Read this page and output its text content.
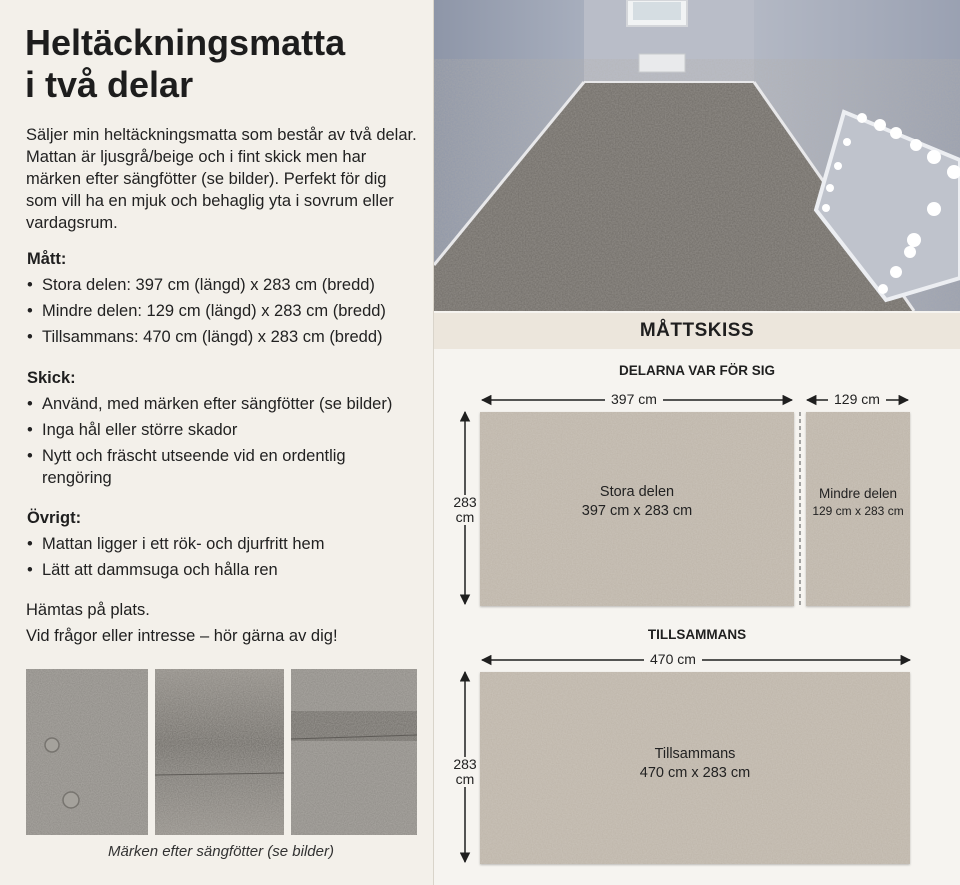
Heltäckningsmatta
i två delar

Säljer min heltäckningsmatta som består av två delar. Mattan är ljusgrå/beige och i fint skick men har märken efter sängfötter (se bilder). Perfekt för dig som vill ha en mjuk och behaglig yta i sovrum eller vardagsrum.

Mått:

• Stora delen: 397 cm (längd) x 283 cm (bredd)
• Mindre delen: 129 cm (längd) x 283 cm (bredd)
• Tillsammans: 470 cm (längd) x 283 cm (bredd)

Skick:

• Använd, med märken efter sängfötter (se bilder)
• Inga hål eller större skador
• Nytt och fräscht utseende vid en ordentlig rengöring

Övrigt:

• Mattan ligger i ett rök- och djurfritt hem
• Lätt att dammsuga och hålla ren

Hämtas på plats.

Vid frågor eller intresse – hör gärna av dig!

Märken efter sängfötter (se bilder)
MÅTTSKISS
DELARNA VAR FÖR SIG
397 cm	129 cm
283
cm
Stora delen
397 cm x 283 cm
Mindre delen
129 cm x 283 cm
TILLSAMMANS
470 cm
283
cm
Tillsammans
470 cm x 283 cm
